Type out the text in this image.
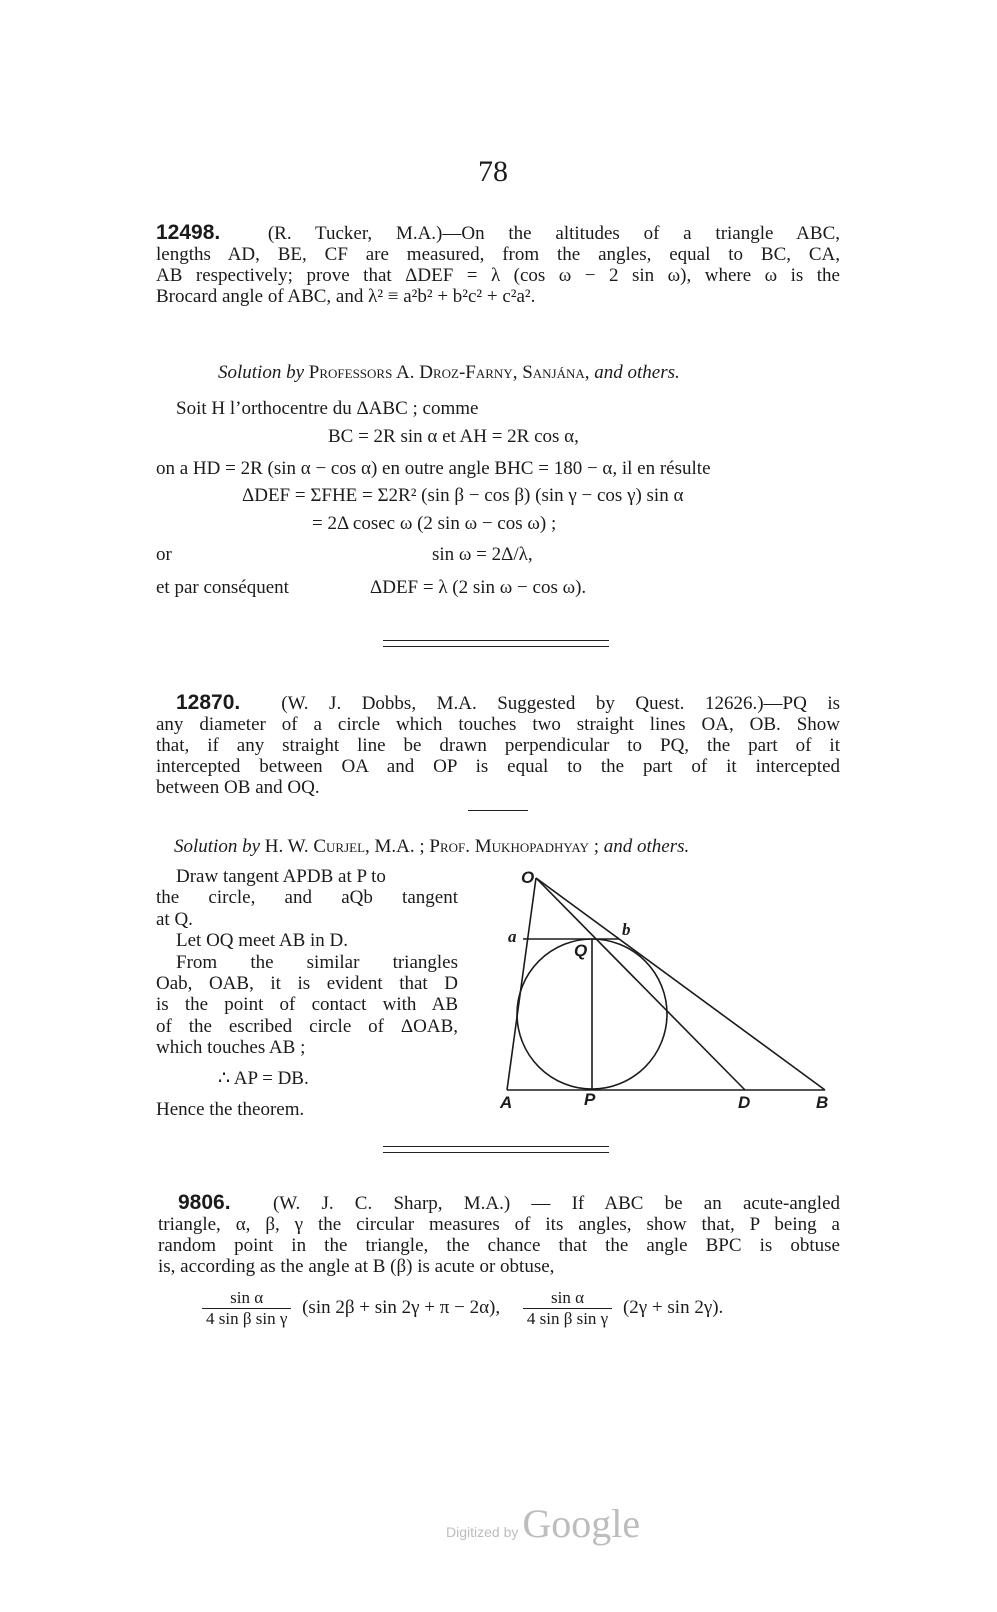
78
12498.	(R. Tucker, M.A.)—On the altitudes of a triangle ABC,
lengths AD, BE, CF are measured, from the angles, equal to BC, CA,
AB respectively; prove that ΔDEF = λ (cos ω − 2 sin ω), where ω is the
Brocard angle of ABC, and λ² ≡ a²b² + b²c² + c²a².
Solution by Professors A. Droz-Farny, Sanjána, and others.
Soit H l’orthocentre du ΔABC ; comme
BC = 2R sin α et AH = 2R cos α,
on a HD = 2R (sin α − cos α) en outre angle BHC = 180 − α, il en résulte
ΔDEF = ΣFHE = Σ2R² (sin β − cos β) (sin γ − cos γ) sin α
= 2Δ cosec ω (2 sin ω − cos ω) ;
or	sin ω = 2Δ/λ,
et par conséquent	ΔDEF = λ (2 sin ω − cos ω).
12870. (W. J. Dobbs, M.A. Suggested by Quest. 12626.)—PQ is
any diameter of a circle which touches two straight lines OA, OB. Show
that, if any straight line be drawn perpendicular to PQ, the part of it
intercepted between OA and OP is equal to the part of it intercepted
between OB and OQ.
Solution by H. W. Curjel, M.A. ; Prof. Mukhopadhyay ; and others.
Draw tangent APDB at P to
the circle, and aQb tangent
at Q.
Let OQ meet AB in D.
From the similar triangles
Oab, OAB, it is evident that D
is the point of contact with AB
of the escribed circle of ΔOAB,
which touches AB ;
∴ AP = DB.
Hence the theorem.
O
a	b
Q
A	P	D	B
9806. (W. J. C. Sharp, M.A.) — If ABC be an acute-angled
triangle, α, β, γ the circular measures of its angles, show that, P being a
random point in the triangle, the chance that the angle BPC is obtuse
is, according as the angle at B (β) is acute or obtuse,
$\frac{\text{sin α}}{\text{4 sin β sin γ}} (\sin$ 2β + sin 2γ + π − 2α), $\frac{\text{sin α}}{\text{4 sin β sin γ}} (2\gamma + \sin 2\gamma)$.
Digitized by Google
